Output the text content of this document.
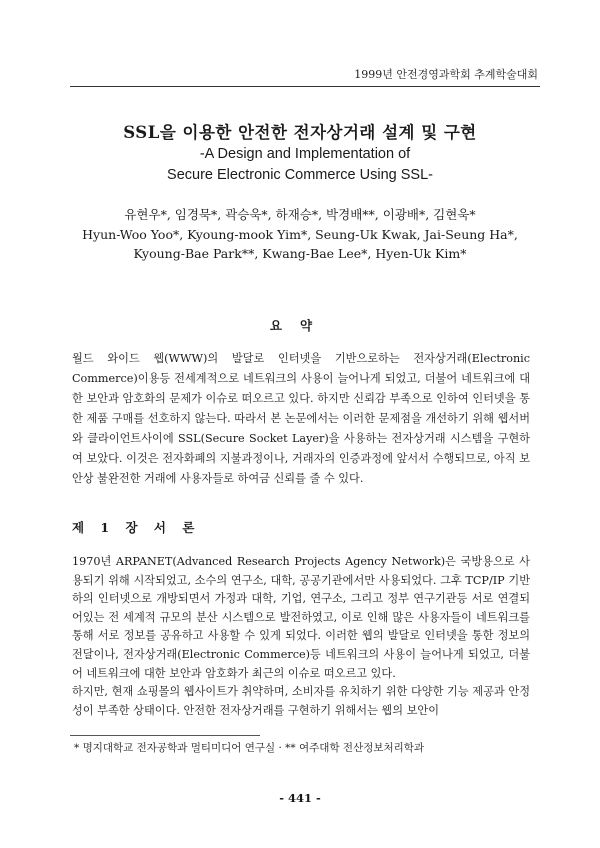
1999년 안전경영과학회 추계학술대회
SSL을 이용한 안전한 전자상거래 설계 및 구현
-A Design and Implementation of
Secure Electronic Commerce Using SSL-
유현우*, 임경묵*, 곽승욱*, 하재승*, 박경배**, 이광배*, 김현욱*
Hyun-Woo Yoo*, Kyoung-mook Yim*, Seung-Uk Kwak, Jai-Seung Ha*,
Kyoung-Bae Park**, Kwang-Bae Lee*, Hyen-Uk Kim*
요약
월드 와이드 웹(WWW)의 발달로 인터넷을 기반으로하는 전자상거래(Electronic Commerce)이용등 전세계적으로 네트워크의 사용이 늘어나게 되었고, 더불어 네트워크에 대한 보안과 암호화의 문제가 이슈로 떠오르고 있다. 하지만 신뢰감 부족으로 인하여 인터넷을 통한 제품 구매를 선호하지 않는다. 따라서 본 논문에서는 이러한 문제점을 개선하기 위해 웹서버와 클라이언트사이에 SSL(Secure Socket Layer)을 사용하는 전자상거래 시스템을 구현하여 보았다. 이것은 전자화폐의 지불과정이나, 거래자의 인증과정에 앞서서 수행되므로, 아직 보안상 불완전한 거래에 사용자들로 하여금 신뢰를 줄 수 있다.
제 1 장 서 론

1970년 ARPANET(Advanced Research Projects Agency Network)은 국방용으로 사용되기 위해 시작되었고, 소수의 연구소, 대학, 공공기관에서만 사용되었다. 그후 TCP/IP 기반하의 인터넷으로 개방되면서 가정과 대학, 기업, 연구소, 그리고 정부 연구기관등 서로 연결되어있는 전 세계적 규모의 분산 시스템으로 발전하였고, 이로 인해 많은 사용자들이 네트워크를 통해 서로 정보를 공유하고 사용할 수 있게 되었다. 이러한 웹의 발달로 인터넷을 통한 정보의 전달이나, 전자상거래(Electronic Commerce)등 네트워크의 사용이 늘어나게 되었고, 더불어 네트워크에 대한 보안과 암호화가 최근의 이슈로 떠오르고 있다.

하지만, 현재 쇼핑몰의 웹사이트가 취약하며, 소비자를 유치하기 위한 다양한 기능 제공과 안정성이 부족한 상태이다. 안전한 전자상거래를 구현하기 위해서는 웹의 보안이

* 명지대학교 전자공학과 멀티미디어 연구실 · ** 여주대학 전산정보처리학과
- 441 -
